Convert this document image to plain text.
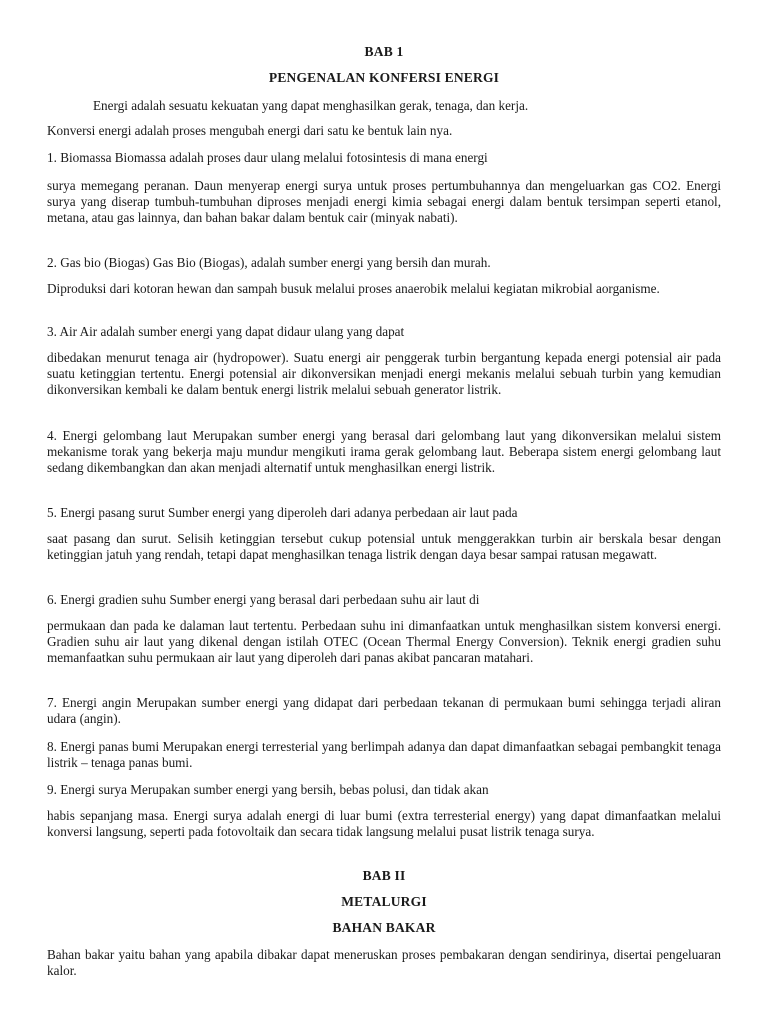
BAB 1
PENGENALAN KONFERSI ENERGI

Energi adalah sesuatu kekuatan yang dapat menghasilkan gerak, tenaga, dan kerja.

Konversi energi adalah proses mengubah energi dari satu ke bentuk lain nya.

1. Biomassa Biomassa adalah proses daur ulang melalui fotosintesis di mana energi

surya memegang peranan. Daun menyerap energi surya untuk proses pertumbuhannya dan mengeluarkan gas CO2. Energi surya yang diserap tumbuh-tumbuhan diproses menjadi energi kimia sebagai energi dalam bentuk tersimpan seperti etanol, metana, atau gas lainnya, dan bahan bakar dalam bentuk cair (minyak nabati).

2. Gas bio (Biogas) Gas Bio (Biogas), adalah sumber energi yang bersih dan murah.

Diproduksi dari kotoran hewan dan sampah busuk melalui proses anaerobik melalui kegiatan mikrobial aorganisme.

3. Air Air adalah sumber energi yang dapat didaur ulang yang dapat

dibedakan menurut tenaga air (hydropower). Suatu energi air penggerak turbin bergantung kepada energi potensial air pada suatu ketinggian tertentu. Energi potensial air dikonversikan menjadi energi mekanis melalui sebuah turbin yang kemudian dikonversikan kembali ke dalam bentuk energi listrik melalui sebuah generator listrik.

4. Energi gelombang laut Merupakan sumber energi yang berasal dari gelombang laut yang dikonversikan melalui sistem mekanisme torak yang bekerja maju mundur mengikuti irama gerak gelombang laut. Beberapa sistem energi gelombang laut sedang dikembangkan dan akan menjadi alternatif untuk menghasilkan energi listrik.

5. Energi pasang surut Sumber energi yang diperoleh dari adanya perbedaan air laut pada

saat pasang dan surut. Selisih ketinggian tersebut cukup potensial untuk menggerakkan turbin air berskala besar dengan ketinggian jatuh yang rendah, tetapi dapat menghasilkan tenaga listrik dengan daya besar sampai ratusan megawatt.

6. Energi gradien suhu Sumber energi yang berasal dari perbedaan suhu air laut di

permukaan dan pada ke dalaman laut tertentu. Perbedaan suhu ini dimanfaatkan untuk menghasilkan sistem konversi energi. Gradien suhu air laut yang dikenal dengan istilah OTEC (Ocean Thermal Energy Conversion). Teknik energi gradien suhu memanfaatkan suhu permukaan air laut yang diperoleh dari panas akibat pancaran matahari.

7. Energi angin Merupakan sumber energi yang didapat dari perbedaan tekanan di permukaan bumi sehingga terjadi aliran udara (angin).

8. Energi panas bumi Merupakan energi terresterial yang berlimpah adanya dan dapat dimanfaatkan sebagai pembangkit tenaga listrik – tenaga panas bumi.

9. Energi surya Merupakan sumber energi yang bersih, bebas polusi, dan tidak akan

habis sepanjang masa. Energi surya adalah energi di luar bumi (extra terresterial energy) yang dapat dimanfaatkan melalui konversi langsung, seperti pada fotovoltaik dan secara tidak langsung melalui pusat listrik tenaga surya.

BAB II
METALURGI
BAHAN BAKAR

Bahan bakar yaitu bahan yang apabila dibakar dapat meneruskan proses pembakaran dengan sendirinya, disertai pengeluaran kalor.
